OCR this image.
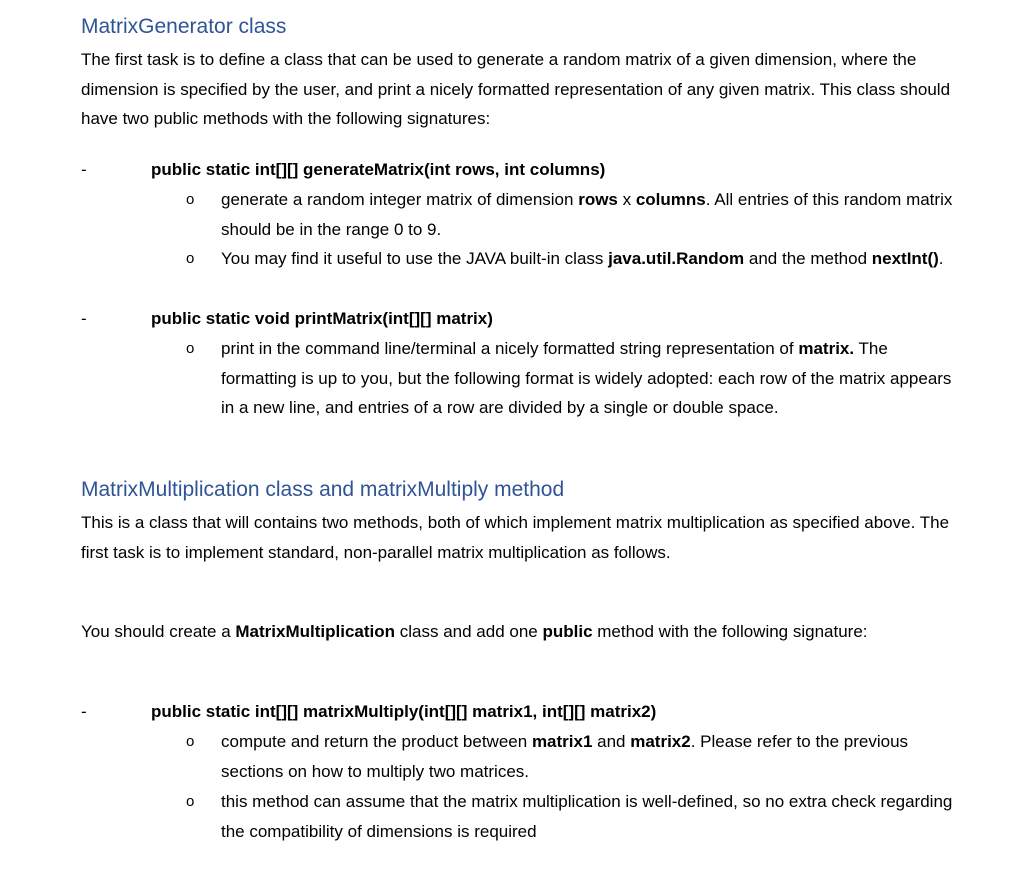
MatrixGenerator class

The first task is to define a class that can be used to generate a random matrix of a given dimension, where the dimension is specified by the user, and print a nicely formatted representation of any given matrix. This class should have two public methods with the following signatures:

-	public static int[][] generateMatrix(int rows, int columns)
o generate a random integer matrix of dimension rows x columns. All entries of this random matrix should be in the range 0 to 9.
o You may find it useful to use the JAVA built-in class java.util.Random and the method nextInt().
-	public static void printMatrix(int[][] matrix)
o print in the command line/terminal a nicely formatted string representation of matrix. The formatting is up to you, but the following format is widely adopted: each row of the matrix appears in a new line, and entries of a row are divided by a single or double space.
MatrixMultiplication class and matrixMultiply method

This is a class that will contains two methods, both of which implement matrix multiplication as specified above. The first task is to implement standard, non-parallel matrix multiplication as follows.

You should create a MatrixMultiplication class and add one public method with the following signature:

-	public static int[][] matrixMultiply(int[][] matrix1, int[][] matrix2)
o compute and return the product between matrix1 and matrix2. Please refer to the previous sections on how to multiply two matrices.
o this method can assume that the matrix multiplication is well-defined, so no extra check regarding the compatibility of dimensions is required
